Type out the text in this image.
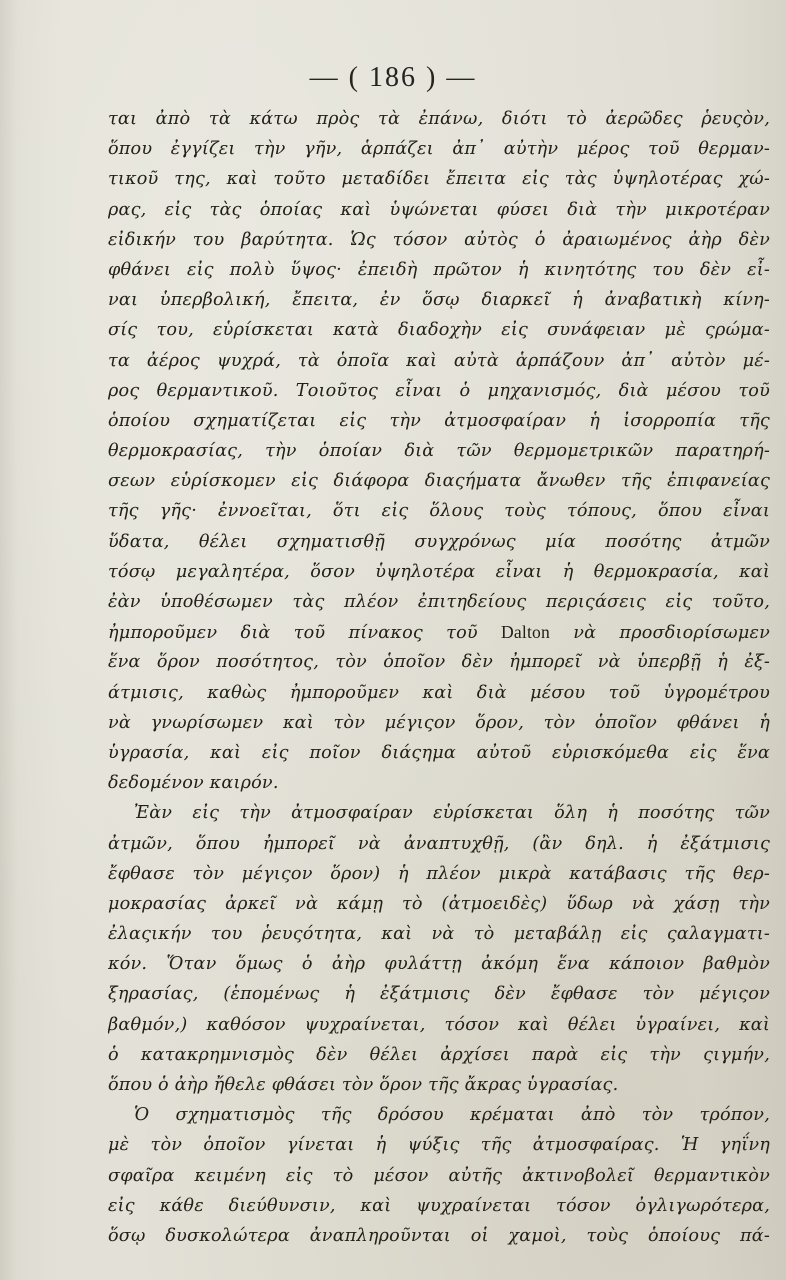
— ( 186 ) —
ται ἀπὸ τὰ κάτω πρὸς τὰ ἐπάνω, διότι τὸ ἀερῶδες ῥευςὸν,
ὅπου ἐγγίζει τὴν γῆν, ἁρπάζει ἀπ᾽ αὐτὴν μέρος τοῦ θερμαν-
τικοῦ της, καὶ τοῦτο μεταδίδει ἔπειτα εἰς τὰς ὑψηλοτέρας χώ-
ρας, εἰς τὰς ὁποίας καὶ ὑψώνεται φύσει διὰ τὴν μικροτέραν
εἰδικήν του βαρύτητα. Ὡς τόσον αὐτὸς ὁ ἀραιωμένος ἀὴρ δὲν
φθάνει εἰς πολὺ ὕψος· ἐπειδὴ πρῶτον ἡ κινητότης του δὲν εἶ-
ναι ὑπερβολική, ἔπειτα, ἐν ὅσῳ διαρκεῖ ἡ ἀναβατικὴ κίνη-
σίς του, εὑρίσκεται κατὰ διαδοχὴν εἰς συνάφειαν μὲ ςρώμα-
τα ἀέρος ψυχρά, τὰ ὁποῖα καὶ αὐτὰ ἁρπάζουν ἀπ᾽ αὐτὸν μέ-
ρος θερμαντικοῦ. Τοιοῦτος εἶναι ὁ μηχανισμός, διὰ μέσου τοῦ
ὁποίου σχηματίζεται εἰς τὴν ἀτμοσφαίραν ἡ ἰσορροπία τῆς
θερμοκρασίας, τὴν ὁποίαν διὰ τῶν θερμομετρικῶν παρατηρή-
σεων εὑρίσκομεν εἰς διάφορα διαςήματα ἄνωθεν τῆς ἐπιφανείας
τῆς γῆς· ἐννοεῖται, ὅτι εἰς ὅλους τοὺς τόπους, ὅπου εἶναι
ὕδατα, θέλει σχηματισθῇ συγχρόνως μία ποσότης ἀτμῶν
τόσῳ μεγαλητέρα, ὅσον ὑψηλοτέρα εἶναι ἡ θερμοκρασία, καὶ
ἐὰν ὑποθέσωμεν τὰς πλέον ἐπιτηδείους περιςάσεις εἰς τοῦτο,
ἠμποροῦμεν διὰ τοῦ πίνακος τοῦ Dalton νὰ προσδιορίσωμεν
ἕνα ὅρον ποσότητος, τὸν ὁποῖον δὲν ἠμπορεῖ νὰ ὑπερβῇ ἡ ἐξ-
άτμισις, καθὼς ἠμποροῦμεν καὶ διὰ μέσου τοῦ ὑγρομέτρου
νὰ γνωρίσωμεν καὶ τὸν μέγιςον ὅρον, τὸν ὁποῖον φθάνει ἡ
ὑγρασία, καὶ εἰς ποῖον διάςημα αὐτοῦ εὑρισκόμεθα εἰς ἕνα
δεδομένον καιρόν.
Ἐὰν εἰς τὴν ἀτμοσφαίραν εὑρίσκεται ὅλη ἡ ποσότης τῶν
ἀτμῶν, ὅπου ἠμπορεῖ νὰ ἀναπτυχθῇ, (ἂν δηλ. ἡ ἐξάτμισις
ἔφθασε τὸν μέγιςον ὅρον) ἡ πλέον μικρὰ κατάβασις τῆς θερ-
μοκρασίας ἀρκεῖ νὰ κάμῃ τὸ (ἀτμοειδὲς) ὕδωρ νὰ χάσῃ τὴν
ἐλαςικήν του ῥευςότητα, καὶ νὰ τὸ μεταβάλῃ εἰς ςαλαγματι-
κόν. Ὅταν ὅμως ὁ ἀὴρ φυλάττῃ ἀκόμη ἕνα κάποιον βαθμὸν
ξηρασίας, (ἑπομένως ἡ ἐξάτμισις δὲν ἔφθασε τὸν μέγιςον
βαθμόν,) καθόσον ψυχραίνεται, τόσον καὶ θέλει ὑγραίνει, καὶ
ὁ κατακρημνισμὸς δὲν θέλει ἀρχίσει παρὰ εἰς τὴν ςιγμήν,
ὅπου ὁ ἀὴρ ἤθελε φθάσει τὸν ὅρον τῆς ἄκρας ὑγρασίας.
Ὁ σχηματισμὸς τῆς δρόσου κρέμαται ἀπὸ τὸν τρόπον,
μὲ τὸν ὁποῖον γίνεται ἡ ψύξις τῆς ἀτμοσφαίρας. Ἡ γηΐνη
σφαῖρα κειμένη εἰς τὸ μέσον αὐτῆς ἀκτινοβολεῖ θερμαντικὸν
εἰς κάθε διεύθυνσιν, καὶ ψυχραίνεται τόσον ὀγλιγωρότερα,
ὅσῳ δυσκολώτερα ἀναπληροῦνται οἱ χαμοὶ, τοὺς ὁποίους πά-
